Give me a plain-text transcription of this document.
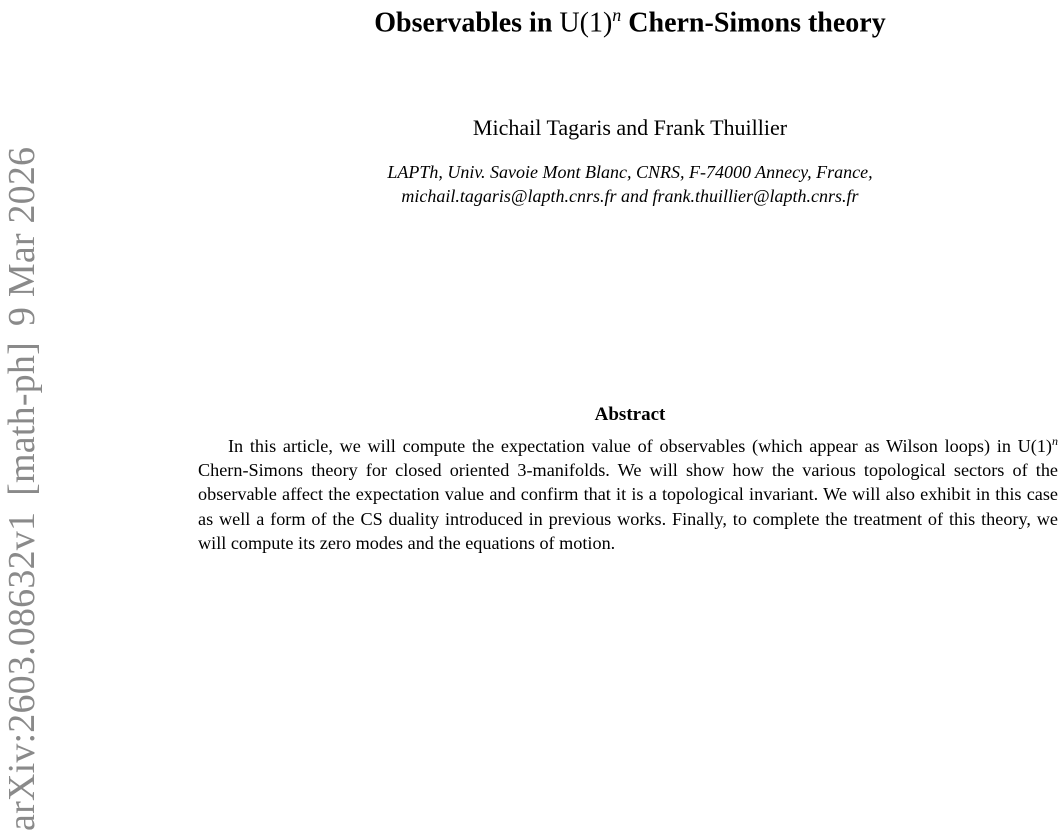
arXiv:2603.08632v1
[math-ph]
9 Mar 2026
Observables in $U(1)^n$ Chern-Simons theory
Michail Tagaris and Frank Thuillier
LAPTh, Univ. Savoie Mont Blanc, CNRS, F-74000 Annecy, France,
michail.tagaris@lapth.cnrs.fr and frank.thuillier@lapth.cnrs.fr
Abstract

In this article, we will compute the expectation value of observables (which appear as Wilson loops) in $U(1)^n$ Chern-Simons theory for closed oriented 3-manifolds. We will show how the various topological sectors of the observable affect the expectation value and confirm that it is a topological invariant. We will also exhibit in this case as well a form of the CS duality introduced in previous works. Finally, to complete the treatment of this theory, we will compute its zero modes and the equations of motion.
